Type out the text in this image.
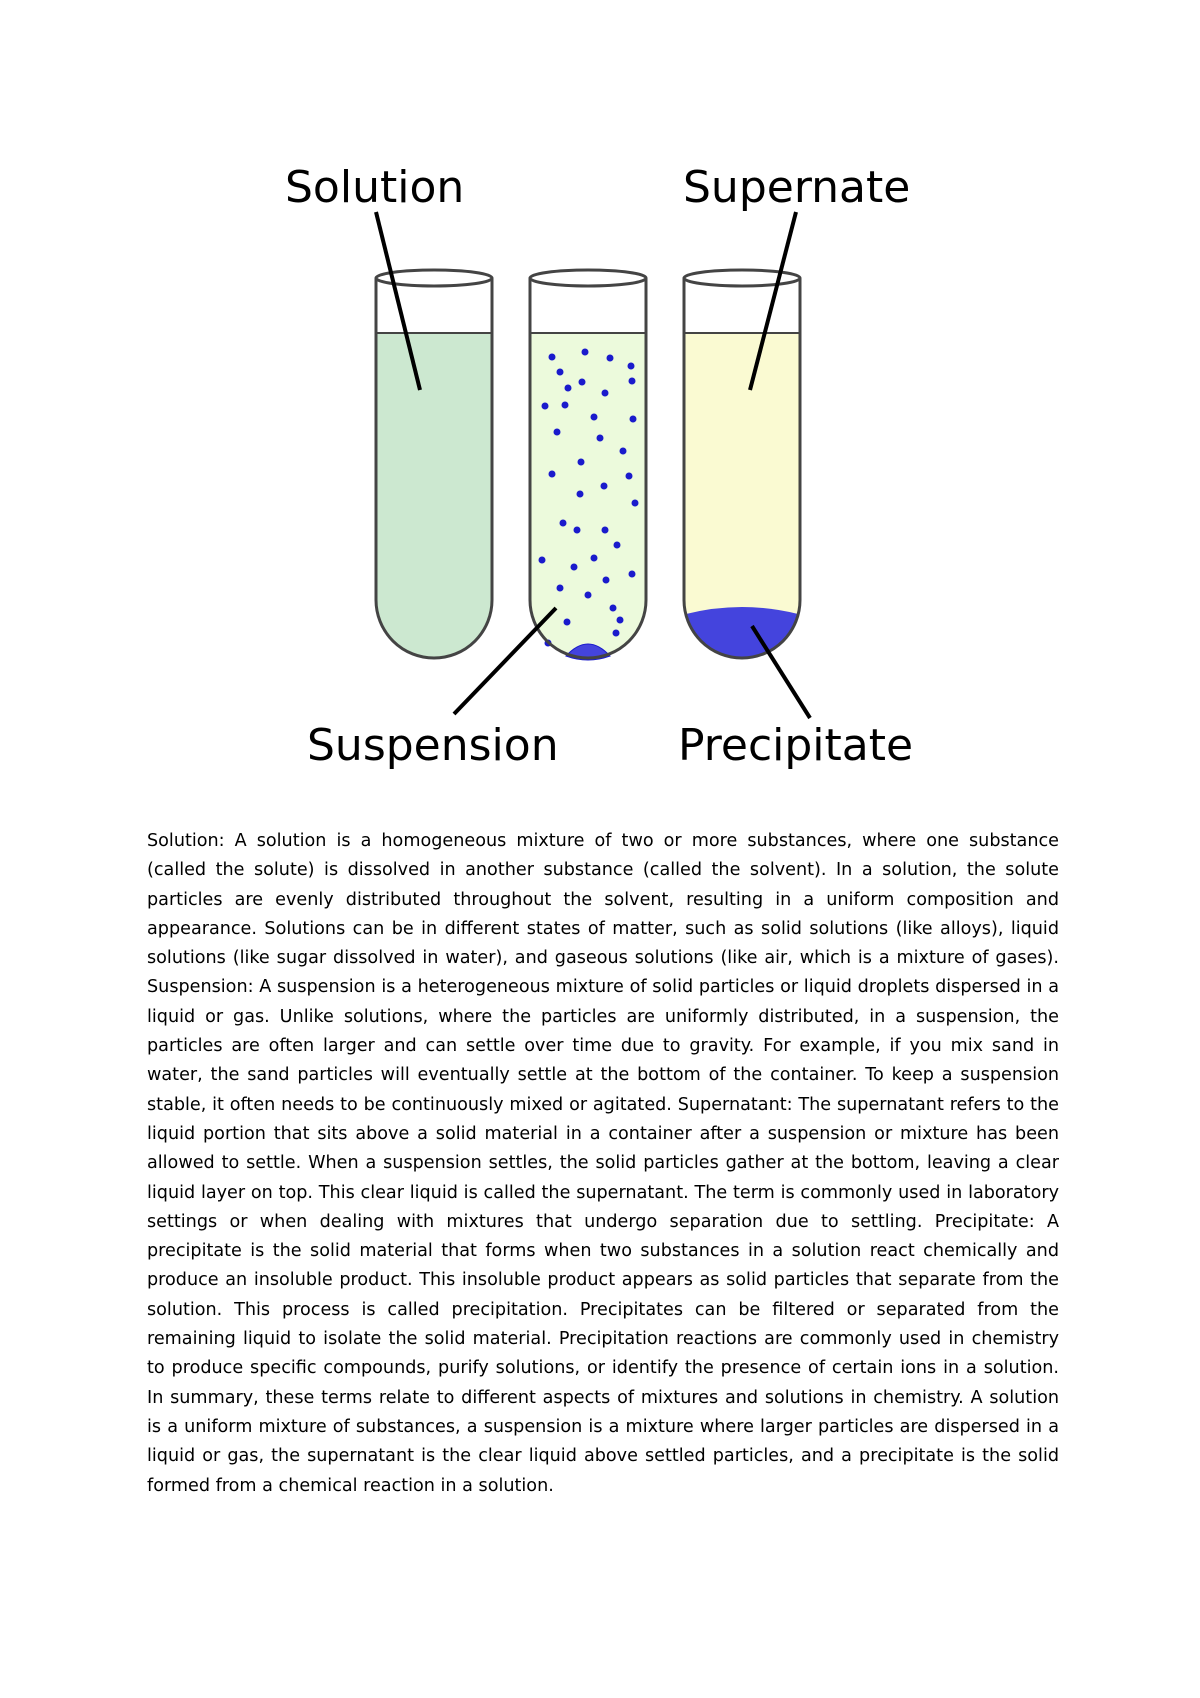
Solution	Supernate
Suspension	Precipitate

Solution: A solution is a homogeneous mixture of two or more substances, where one substance (called the solute) is dissolved in another substance (called the solvent). In a solution, the solute particles are evenly distributed throughout the solvent, resulting in a uniform composition and appearance. Solutions can be in different states of matter, such as solid solutions (like alloys), liquid solutions (like sugar dissolved in water), and gaseous solutions (like air, which is a mixture of gases). Suspension: A suspension is a heterogeneous mixture of solid particles or liquid droplets dispersed in a liquid or gas. Unlike solutions, where the particles are uniformly distributed, in a suspension, the particles are often larger and can settle over time due to gravity. For example, if you mix sand in water, the sand particles will eventually settle at the bottom of the container. To keep a suspension stable, it often needs to be continuously mixed or agitated. Supernatant: The supernatant refers to the liquid portion that sits above a solid material in a container after a suspension or mixture has been allowed to settle. When a suspension settles, the solid particles gather at the bottom, leaving a clear liquid layer on top. This clear liquid is called the supernatant. The term is commonly used in laboratory settings or when dealing with mixtures that undergo separation due to settling. Precipitate: A precipitate is the solid material that forms when two substances in a solution react chemically and produce an insoluble product. This insoluble product appears as solid particles that separate from the solution. This process is called precipitation. Precipitates can be filtered or separated from the remaining liquid to isolate the solid material. Precipitation reactions are commonly used in chemistry to produce specific compounds, purify solutions, or identify the presence of certain ions in a solution. In summary, these terms relate to different aspects of mixtures and solutions in chemistry. A solution is a uniform mixture of substances, a suspension is a mixture where larger particles are dispersed in a liquid or gas, the supernatant is the clear liquid above settled particles, and a precipitate is the solid formed from a chemical reaction in a solution.
